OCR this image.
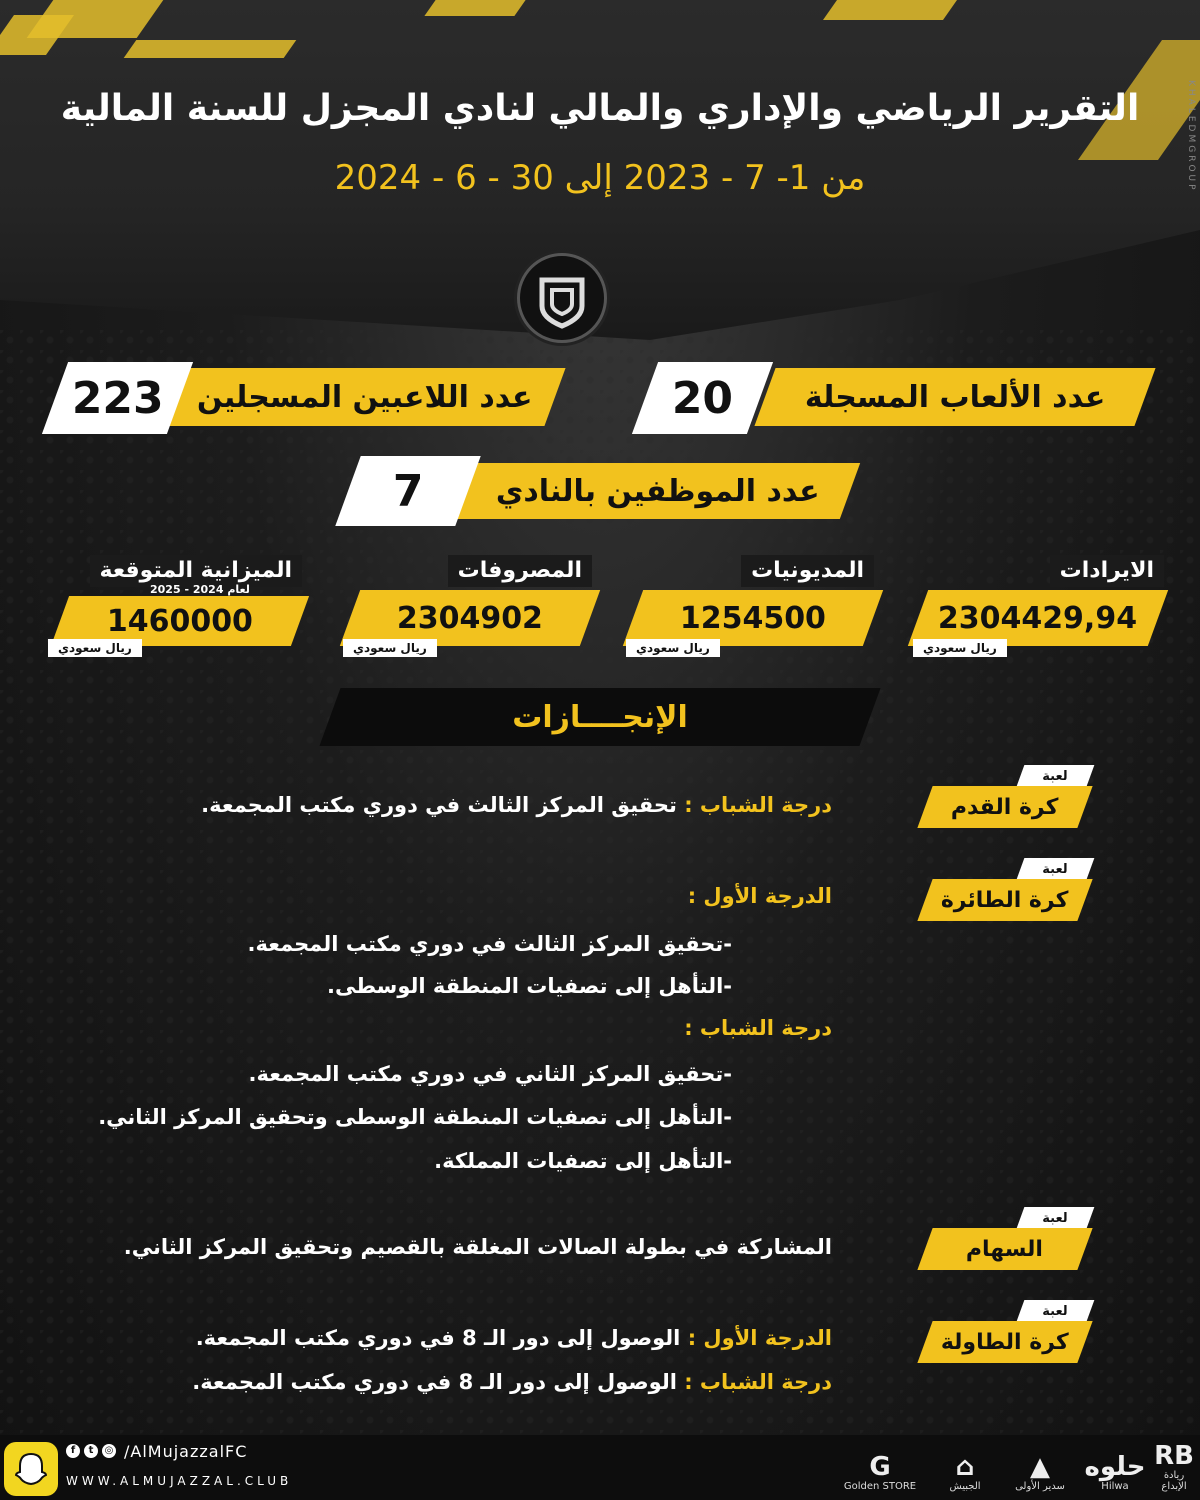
التقرير الرياضي والإداري والمالي لنادي المجزل للسنة المالية
من 1- 7 - 2023 إلى 30 - 6 - 2024	KHALEDMGROUP
عدد الألعاب المسجلة
20
عدد اللاعبين المسجلين
223
عدد الموظفين بالنادي
7
الايرادات
2304429,94
ريال سعودي
المديونيات
1254500
ريال سعودي
المصروفات
2304902
ريال سعودي
الميزانية المتوقعة
لعام 2024 - 2025
1460000
ريال سعودي
الإنجــــازات
لعبة
كرة القدم
درجة الشباب : تحقيق المركز الثالث في دوري مكتب المجمعة.
لعبة
كرة الطائرة
الدرجة الأول :
-تحقيق المركز الثالث في دوري مكتب المجمعة.
-التأهل إلى تصفيات المنطقة الوسطى.
درجة الشباب :
-تحقيق المركز الثاني في دوري مكتب المجمعة.
-التأهل إلى تصفيات المنطقة الوسطى وتحقيق المركز الثاني.
-التأهل إلى تصفيات المملكة.
لعبة
السهام
المشاركة في بطولة الصالات المغلقة بالقصيم وتحقيق المركز الثاني.
لعبة
كرة الطاولة
الدرجة الأول : الوصول إلى دور الـ 8 في دوري مكتب المجمعة.
درجة الشباب : الوصول إلى دور الـ 8 في دوري مكتب المجمعة.
f	t	◎ /AlMujazzalFC
WWW.ALMUJAZZAL.CLUB	G
Golden STORE
⌂
الجبيش
▲
سدير الأولى
حلوه
Hilwa
RB
ريادة الإبداع
